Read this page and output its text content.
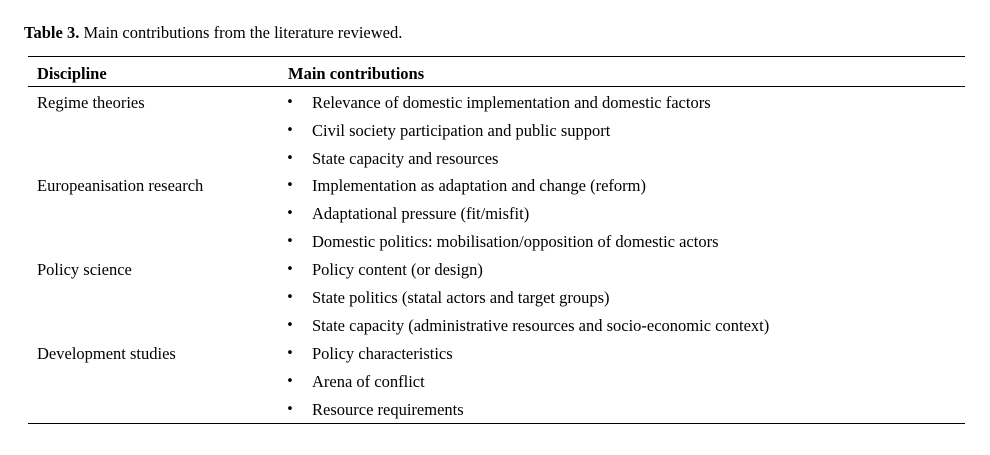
Table 3. Main contributions from the literature reviewed.
Discipline	Main contributions
Regime theories	• Relevance of domestic implementation and domestic factors
• Civil society participation and public support
• State capacity and resources
Europeanisation research	• Implementation as adaptation and change (reform)
• Adaptational pressure (fit/misfit)
• Domestic politics: mobilisation/opposition of domestic actors
Policy science	• Policy content (or design)
• State politics (statal actors and target groups)
• State capacity (administrative resources and socio-economic context)
Development studies	• Policy characteristics
• Arena of conflict
• Resource requirements
